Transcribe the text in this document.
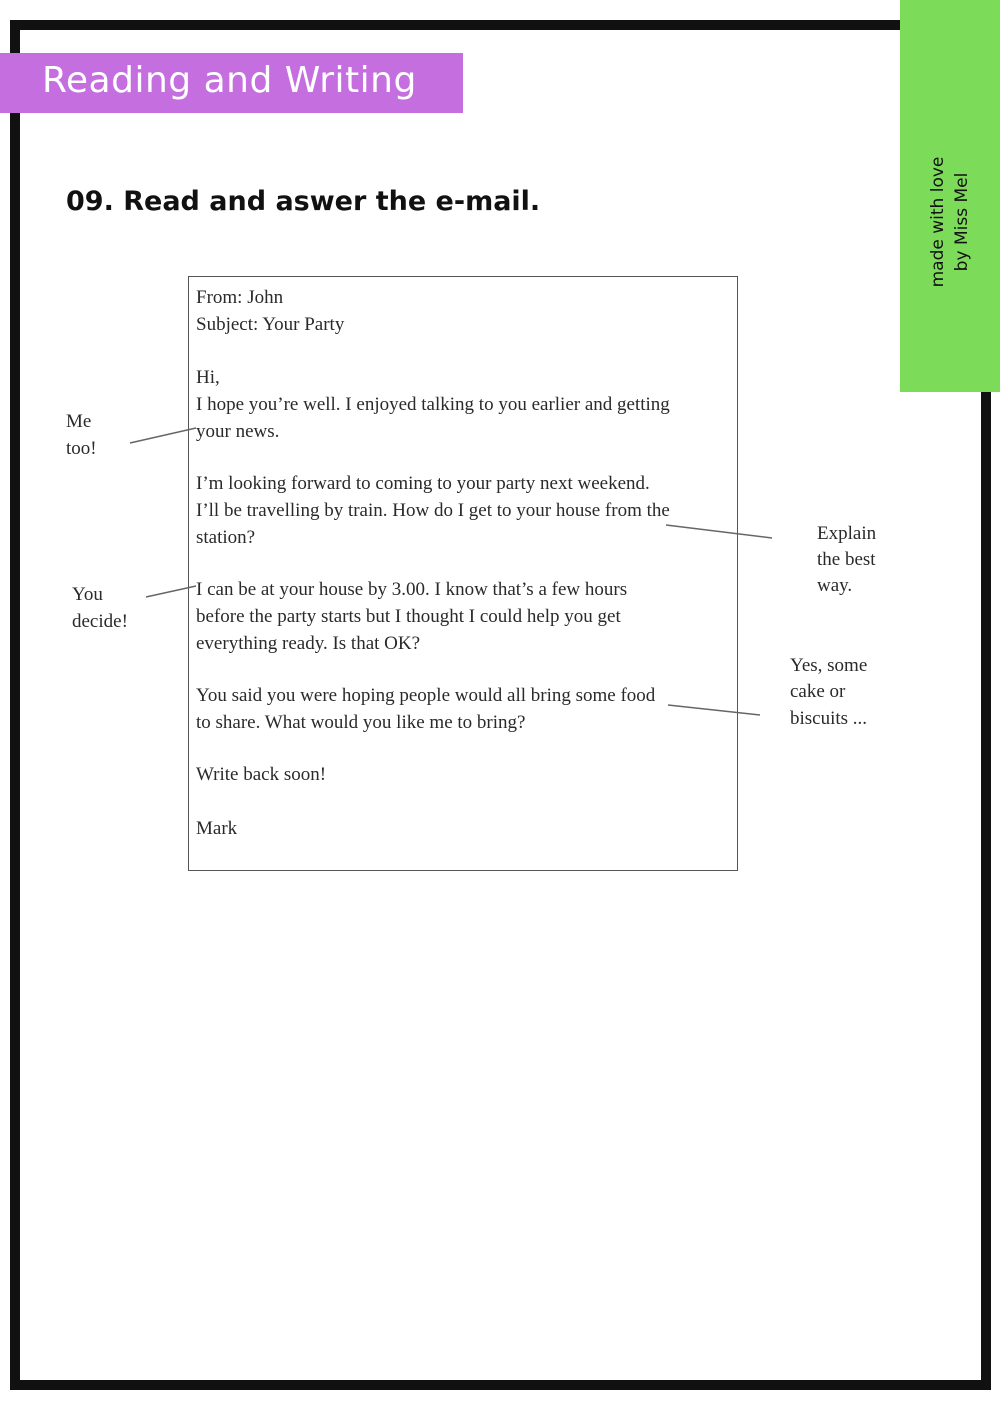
Reading and Writing
made with love by Miss Mel
09. Read and aswer the e-mail.
From: John
Subject: Your Party
Hi,
I hope you’re well. I enjoyed talking to you earlier and getting
your news.
I’m looking forward to coming to your party next weekend.
I’ll be travelling by train. How do I get to your house from the
station?
I can be at your house by 3.00. I know that’s a few hours
before the party starts but I thought I could help you get
everything ready. Is that OK?
You said you were hoping people would all bring some food
to share. What would you like me to bring?
Write back soon!
Mark
Me
too!
You
decide!
Explain
the best
way.
Yes, some
cake or
biscuits ...
